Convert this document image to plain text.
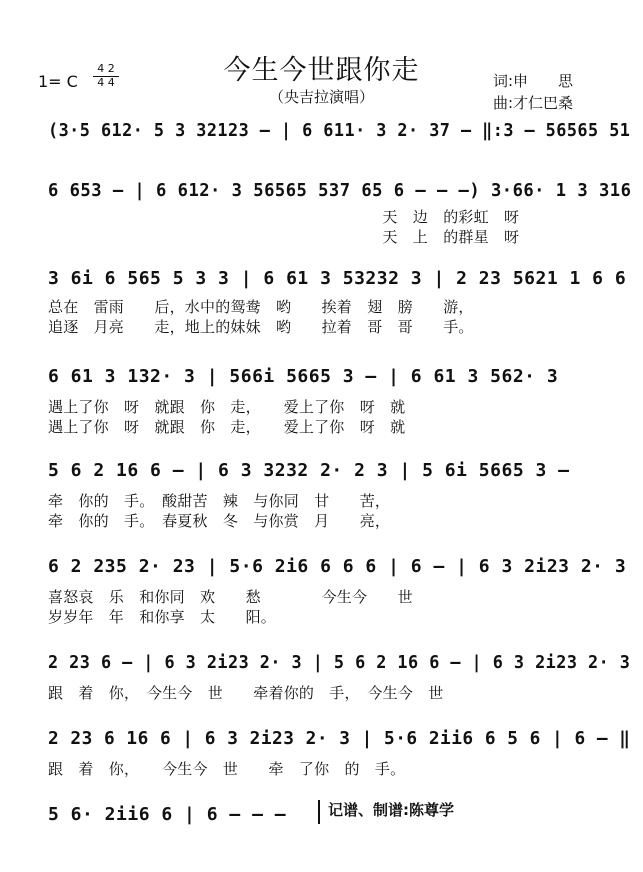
今生今世跟你走
（央吉拉演唱）
1= C
4 2
4 4	词:申　　思
曲:才仁巴桑
(3·5 612· 5 3 32123 – | 6 611· 3 2· 37 – ‖:3 – 56565 51
6 653 – | 6 612· 3 56565 537 65 6 – – –) 3·66· 1 3 316
　　　　　　　　　　　　　　　　　　　　　　天　边　的彩虹　呀
　　　　　　　　　　　　　　　　　　　　　　天　上　的群星　呀
3 6i 6 565 5 3 3 | 6 61 3 53232 3 | 2 23 5621 1 6 6
总在　雷雨　　后，水中的鸳鸯　哟　　挨着　翅　膀　　游，
追逐　月亮　　走，地上的妹妹　哟　　拉着　哥　哥　　手。
6 61 3 132· 3 | 566i 5665 3 – | 6 61 3 562· 3
遇上了你　呀　就跟　你　走，　　爱上了你　呀　就
遇上了你　呀　就跟　你　走，　　爱上了你　呀　就
5 6 2 16 6 – | 6 3 3232 2· 2 3 | 5 6i 5665 3 –
牵　你的　手。　酸甜苦　辣　与你同　甘　　苦，
牵　你的　手。　春夏秋　冬　与你赏　月　　亮，
6 2 235 2· 23 | 5·6 2i6 6 6 6 | 6 – | 6 3 2i23 2· 3
喜怒哀　乐　和你同　欢　　愁　　　　今生今　　世
岁岁年　年　和你享　太　　阳。
2 23 6 – | 6 3 2i23 2· 3 | 5 6 2 16 6 – | 6 3 2i23 2· 3
跟　着　你，　今生今　世　　牵着你的　手，　今生今　世
2 23 6 16 6 | 6 3 2i23 2· 3 | 5·6 2ii6 6 5 6 | 6 – ‖
跟　着　你，　　今生今　世　　牵　了你　的　手。
5 6· 2ii6 6 | 6 – – –	记谱、制谱:陈尊学
